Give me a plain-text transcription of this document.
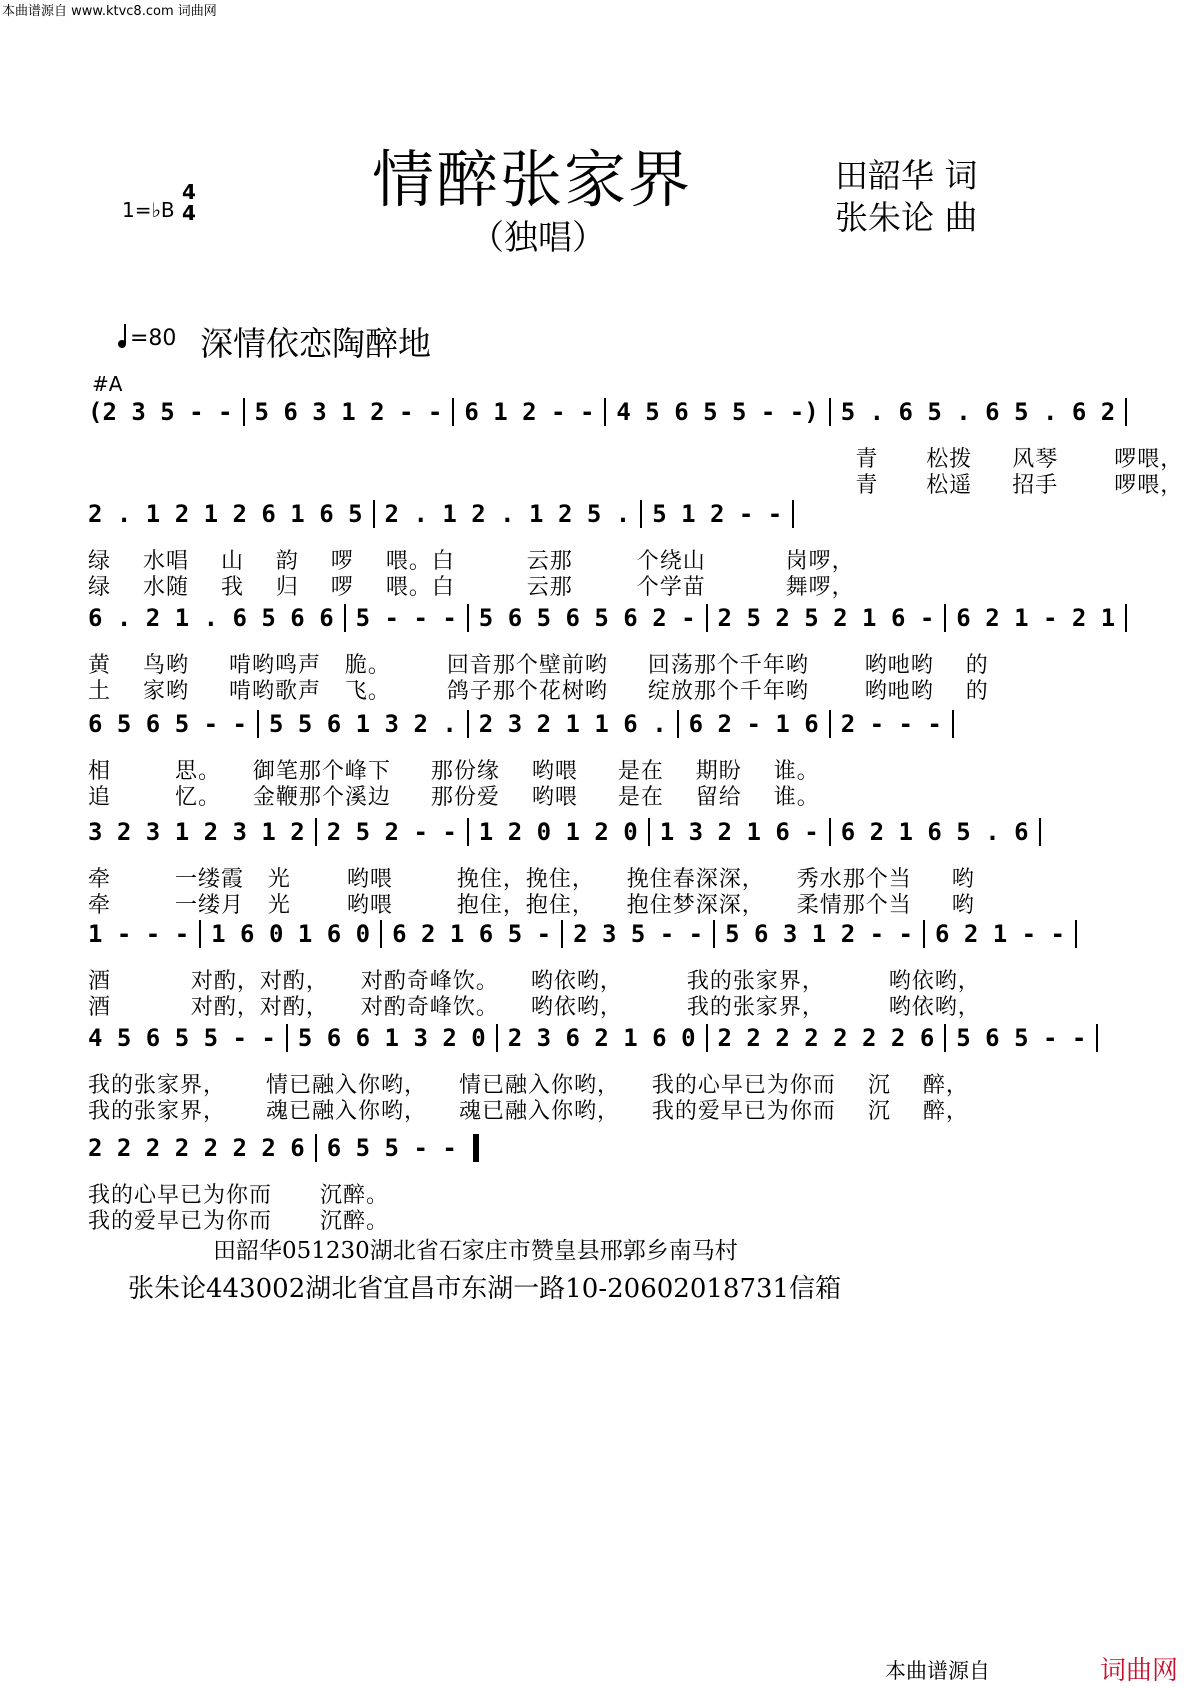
本曲谱源自 www.ktvc8.com 词曲网
情醉张家界
（独唱）
田韶华 词
张朱论 曲
1=♭B
4
4
=80 深情依恋陶醉地
#A
(2 3 5 - - 5 6 3 1 2 - - 6 1 2 - - 4 5 6 5 5 - -) 5 . 6 5 . 6 5 . 6 2
青      松拨     风琴       啰喂，
青      松遥     招手       啰喂，
2 . 1 2 1 2 6 1 6 5 2 . 1 2 . 1 2 5 . 5 1 2 - -
绿    水唱    山    韵    啰    喂。白         云那        个绕山          岗啰，
绿    水随    我    归    啰    喂。白         云那        个学苗          舞啰，
6 . 2 1 . 6 5 6 6 5 - - - 5 6 5 6 5 6 2 - 2 5 2 5 2 1 6 - 6 2 1 - 2 1
黄    鸟哟     啃哟鸣声   脆。       回音那个壁前哟     回荡那个千年哟       哟吔哟    的
土    家哟     啃哟歌声   飞。       鸽子那个花树哟     绽放那个千年哟       哟吔哟    的
6 5 6 5 - - 5 5 6 1 3 2 . 2 3 2 1 1 6 . 6 2 - 1 6 2 - - -
相        思。    御笔那个峰下     那份缘    哟喂     是在    期盼    谁。
追        忆。    金鞭那个溪边     那份爱    哟喂     是在    留给    谁。
3 2 3 1 2 3 1 2 2 5 2 - - 1 2 0 1 2 0 1 3 2 1 6 - 6 2 1 6 5 . 6
牵        一缕霞   光       哟喂        挽住，挽住，    挽住春深深，    秀水那个当     哟
牵        一缕月   光       哟喂        抱住，抱住，    抱住梦深深，    柔情那个当     哟
1 - - - 1 6 0 1 6 0 6 2 1 6 5 - 2 3 5 - - 5 6 3 1 2 - - 6 2 1 - -
酒          对酌，对酌，    对酌奇峰饮。    哟依哟，        我的张家界，        哟依哟，
酒          对酌，对酌，    对酌奇峰饮。    哟依哟，        我的张家界，        哟依哟，
4 5 6 5 5 - - 5 6 6 1 3 2 0 2 3 6 2 1 6 0 2 2 2 2 2 2 2 6 5 6 5 - -
我的张家界，     情已融入你哟，    情已融入你哟，    我的心早已为你而    沉    醉，
我的张家界，     魂已融入你哟，    魂已融入你哟，    我的爱早已为你而    沉    醉，
2 2 2 2 2 2 2 6 6 5 5 - -
我的心早已为你而      沉醉。
我的爱早已为你而      沉醉。
田韶华051230湖北省石家庄市赞皇县邢郭乡南马村
张朱论443002湖北省宜昌市东湖一路10-20602018731信箱
本曲谱源自	词曲网
